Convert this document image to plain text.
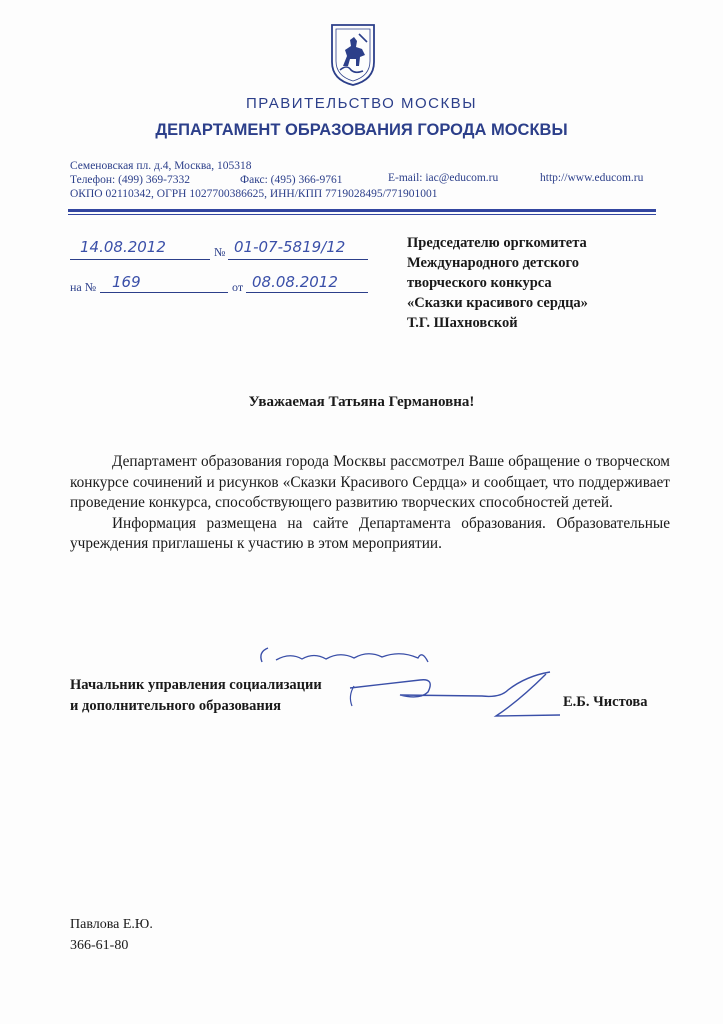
ПРАВИТЕЛЬСТВО МОСКВЫ
ДЕПАРТАМЕНТ ОБРАЗОВАНИЯ ГОРОДА МОСКВЫ
Семеновская пл. д.4, Москва, 105318
Телефон: (499) 369-7332	Факс: (495) 366-9761	E-mail: iac@educom.ru	http://www.educom.ru
ОКПО 02110342, ОГРН 1027700386625, ИНН/КПП 7719028495/771901001
14.08.2012	№ 01-07-5819/12
на № 169	от 08.08.2012
Председателю оргкомитета
Международного детского
творческого конкурса
«Сказки красивого сердца»
Т.Г. Шахновской
Уважаемая Татьяна Германовна!

Департамент образования города Москвы рассмотрел Ваше обращение о творческом конкурсе сочинений и рисунков «Сказки Красивого Сердца» и сообщает, что поддерживает проведение конкурса, способствующего развитию творческих способностей детей.

Информация размещена на сайте Департамента образования. Образовательные учреждения приглашены к участию в этом мероприятии.

Начальник управления социализации
и дополнительного образования	Е.Б. Чистова
Павлова Е.Ю.
366-61-80
